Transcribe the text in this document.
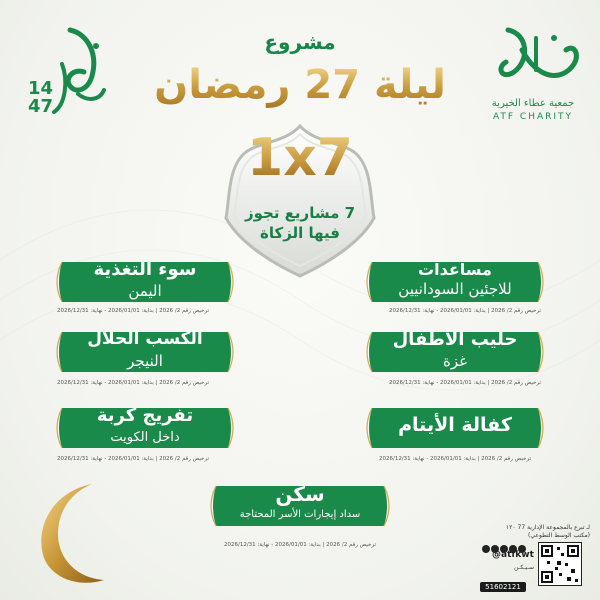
ATF CHARITY
مشروع
ليلة 27 رمضان
1x7
7 مشاريع تجوز
فيها الزكاة
مساعدات
للاجئين السودانيين
ترخيص رقم 2/ 2026 | بداية: 2026/01/01 - نهاية: 2026/12/31
سوء التغذية
اليمن
ترخيص رقم 2/ 2026 | بداية: 2026/01/01 - نهاية: 2026/12/31
حليب الأطفال
غزة
ترخيص رقم 2/ 2026 | بداية: 2026/01/01 - نهاية: 2026/12/31
الكسب الحلال
النيجر
ترخيص رقم 2/ 2026 | بداية: 2026/01/01 - نهاية: 2026/12/31
كفالة الأيتام
ترخيص رقم 2/ 2026 | بداية: 2026/01/01 - نهاية: 2026/12/31
تفريج كربة
داخل الكويت
ترخيص رقم 2/ 2026 | بداية: 2026/01/01 - نهاية: 2026/12/31
سكن
سداد إيجارات الأسر المحتاجة
ترخيص رقم 2/ 2026 | بداية: 2026/01/01 - نهاية: 2026/12/31
لـ تبرع بالمجموعة الإدارية 77 ١٢٠
(مكتب الوسط التطوعي)
@atfkwt
سـيـكـن
51602121
